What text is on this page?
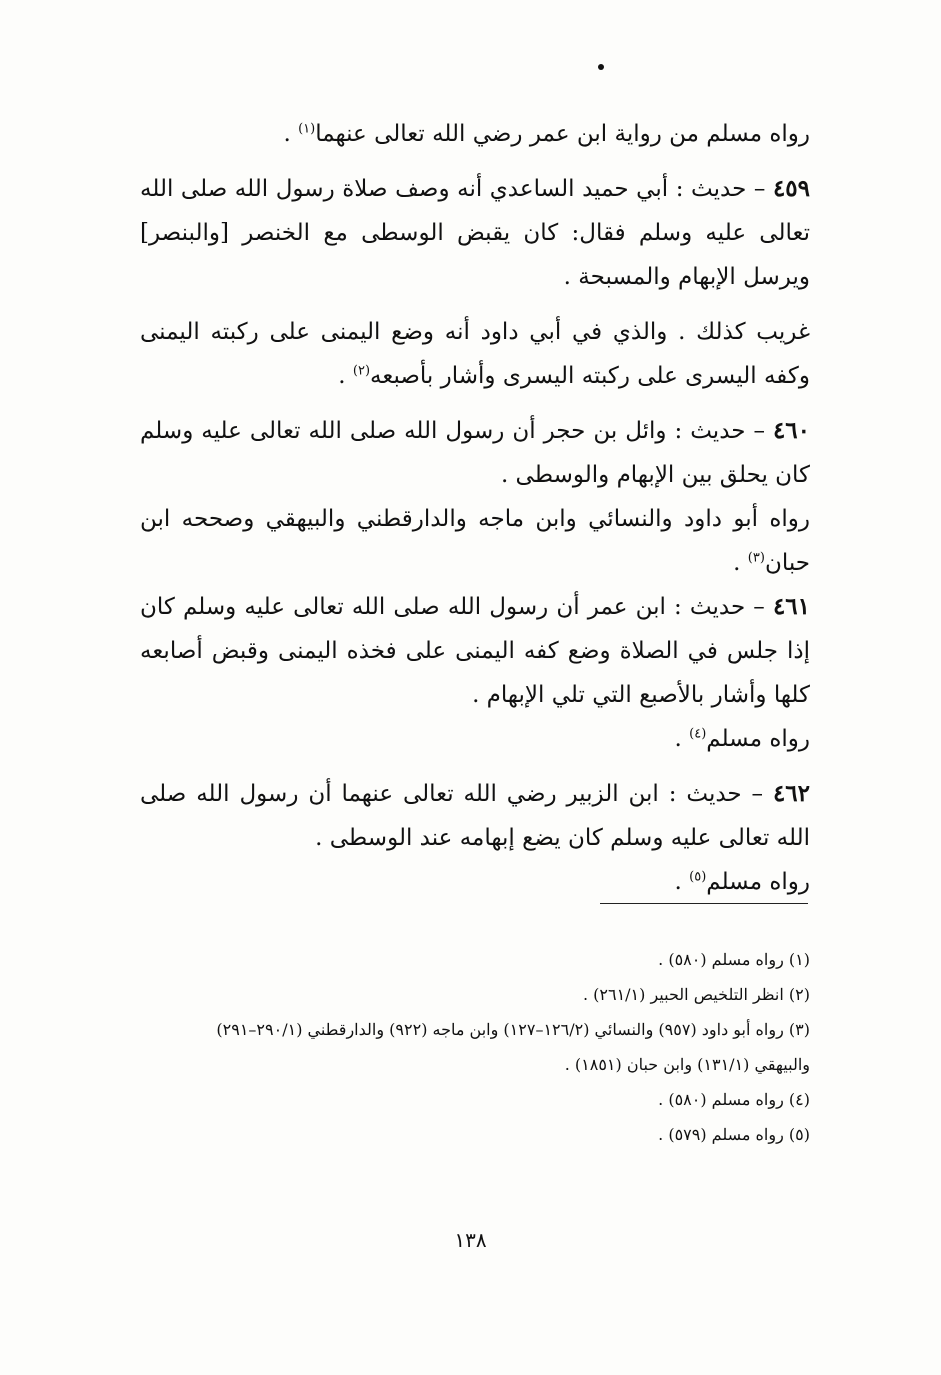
رواه مسلم من رواية ابن عمر رضي الله تعالى عنهما$^{(١)}$ .

٤٥٩ – حديث : أبي حميد الساعدي أنه وصف صلاة رسول الله صلى الله تعالى عليه وسلم فقال: كان يقبض الوسطى مع الخنصر [والبنصر] ويرسل الإبهام والمسبحة .

غريب كذلك . والذي في أبي داود أنه وضع اليمنى على ركبته اليمنى وكفه اليسرى على ركبته اليسرى وأشار بأصبعه$^{(٢)}$ .

٤٦٠ – حديث : وائل بن حجر أن رسول الله صلى الله تعالى عليه وسلم كان يحلق بين الإبهام والوسطى .

رواه أبو داود والنسائي وابن ماجه والدارقطني والبيهقي وصححه ابن حبان$^{(٣)}$ .

٤٦١ – حديث : ابن عمر أن رسول الله صلى الله تعالى عليه وسلم كان إذا جلس في الصلاة وضع كفه اليمنى على فخذه اليمنى وقبض أصابعه كلها وأشار بالأصبع التي تلي الإبهام .

رواه مسلم$^{(٤)}$ .

٤٦٢ – حديث : ابن الزبير رضي الله تعالى عنهما أن رسول الله صلى الله تعالى عليه وسلم كان يضع إبهامه عند الوسطى .

رواه مسلم$^{(٥)}$ .

(١) رواه مسلم (٥٨٠) .

(٢) انظر التلخيص الحبير (٢٦١/١) .

(٣) رواه أبو داود (٩٥٧) والنسائي (١٢٦/٢–١٢٧) وابن ماجه (٩٢٢) والدارقطني (٢٩٠/١–٢٩١)
والبيهقي (١٣١/١) وابن حبان (١٨٥١) .

(٤) رواه مسلم (٥٨٠) .

(٥) رواه مسلم (٥٧٩) .

١٣٨
